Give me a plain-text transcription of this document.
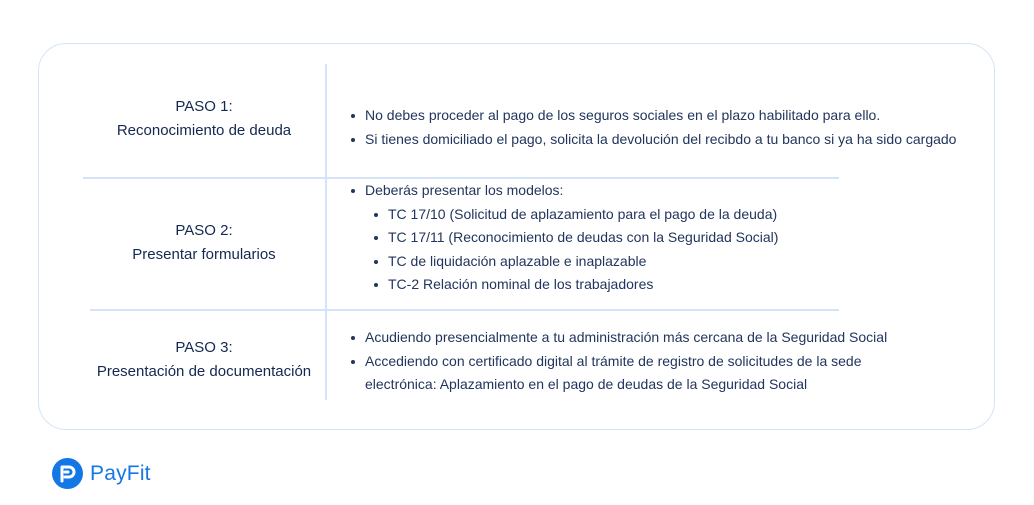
PASO 1:
Reconocimiento de deuda
No debes proceder al pago de los seguros sociales en el plazo habilitado para ello.
Si tienes domiciliado el pago, solicita la devolución del recibdo a tu banco si ya ha sido cargado
PASO 2:
Presentar formularios
Deberás presentar los modelos:
TC 17/10 (Solicitud de aplazamiento para el pago de la deuda)
TC 17/11 (Reconocimiento de deudas con la Seguridad Social)
TC de liquidación aplazable e inaplazable
TC-2 Relación nominal de los trabajadores
PASO 3:
Presentación de documentación
Acudiendo presencialmente a tu administración más cercana de la Seguridad Social
Accediendo con certificado digital al trámite de registro de solicitudes de la sede
electrónica: Aplazamiento en el pago de deudas de la Seguridad Social
PayFit
